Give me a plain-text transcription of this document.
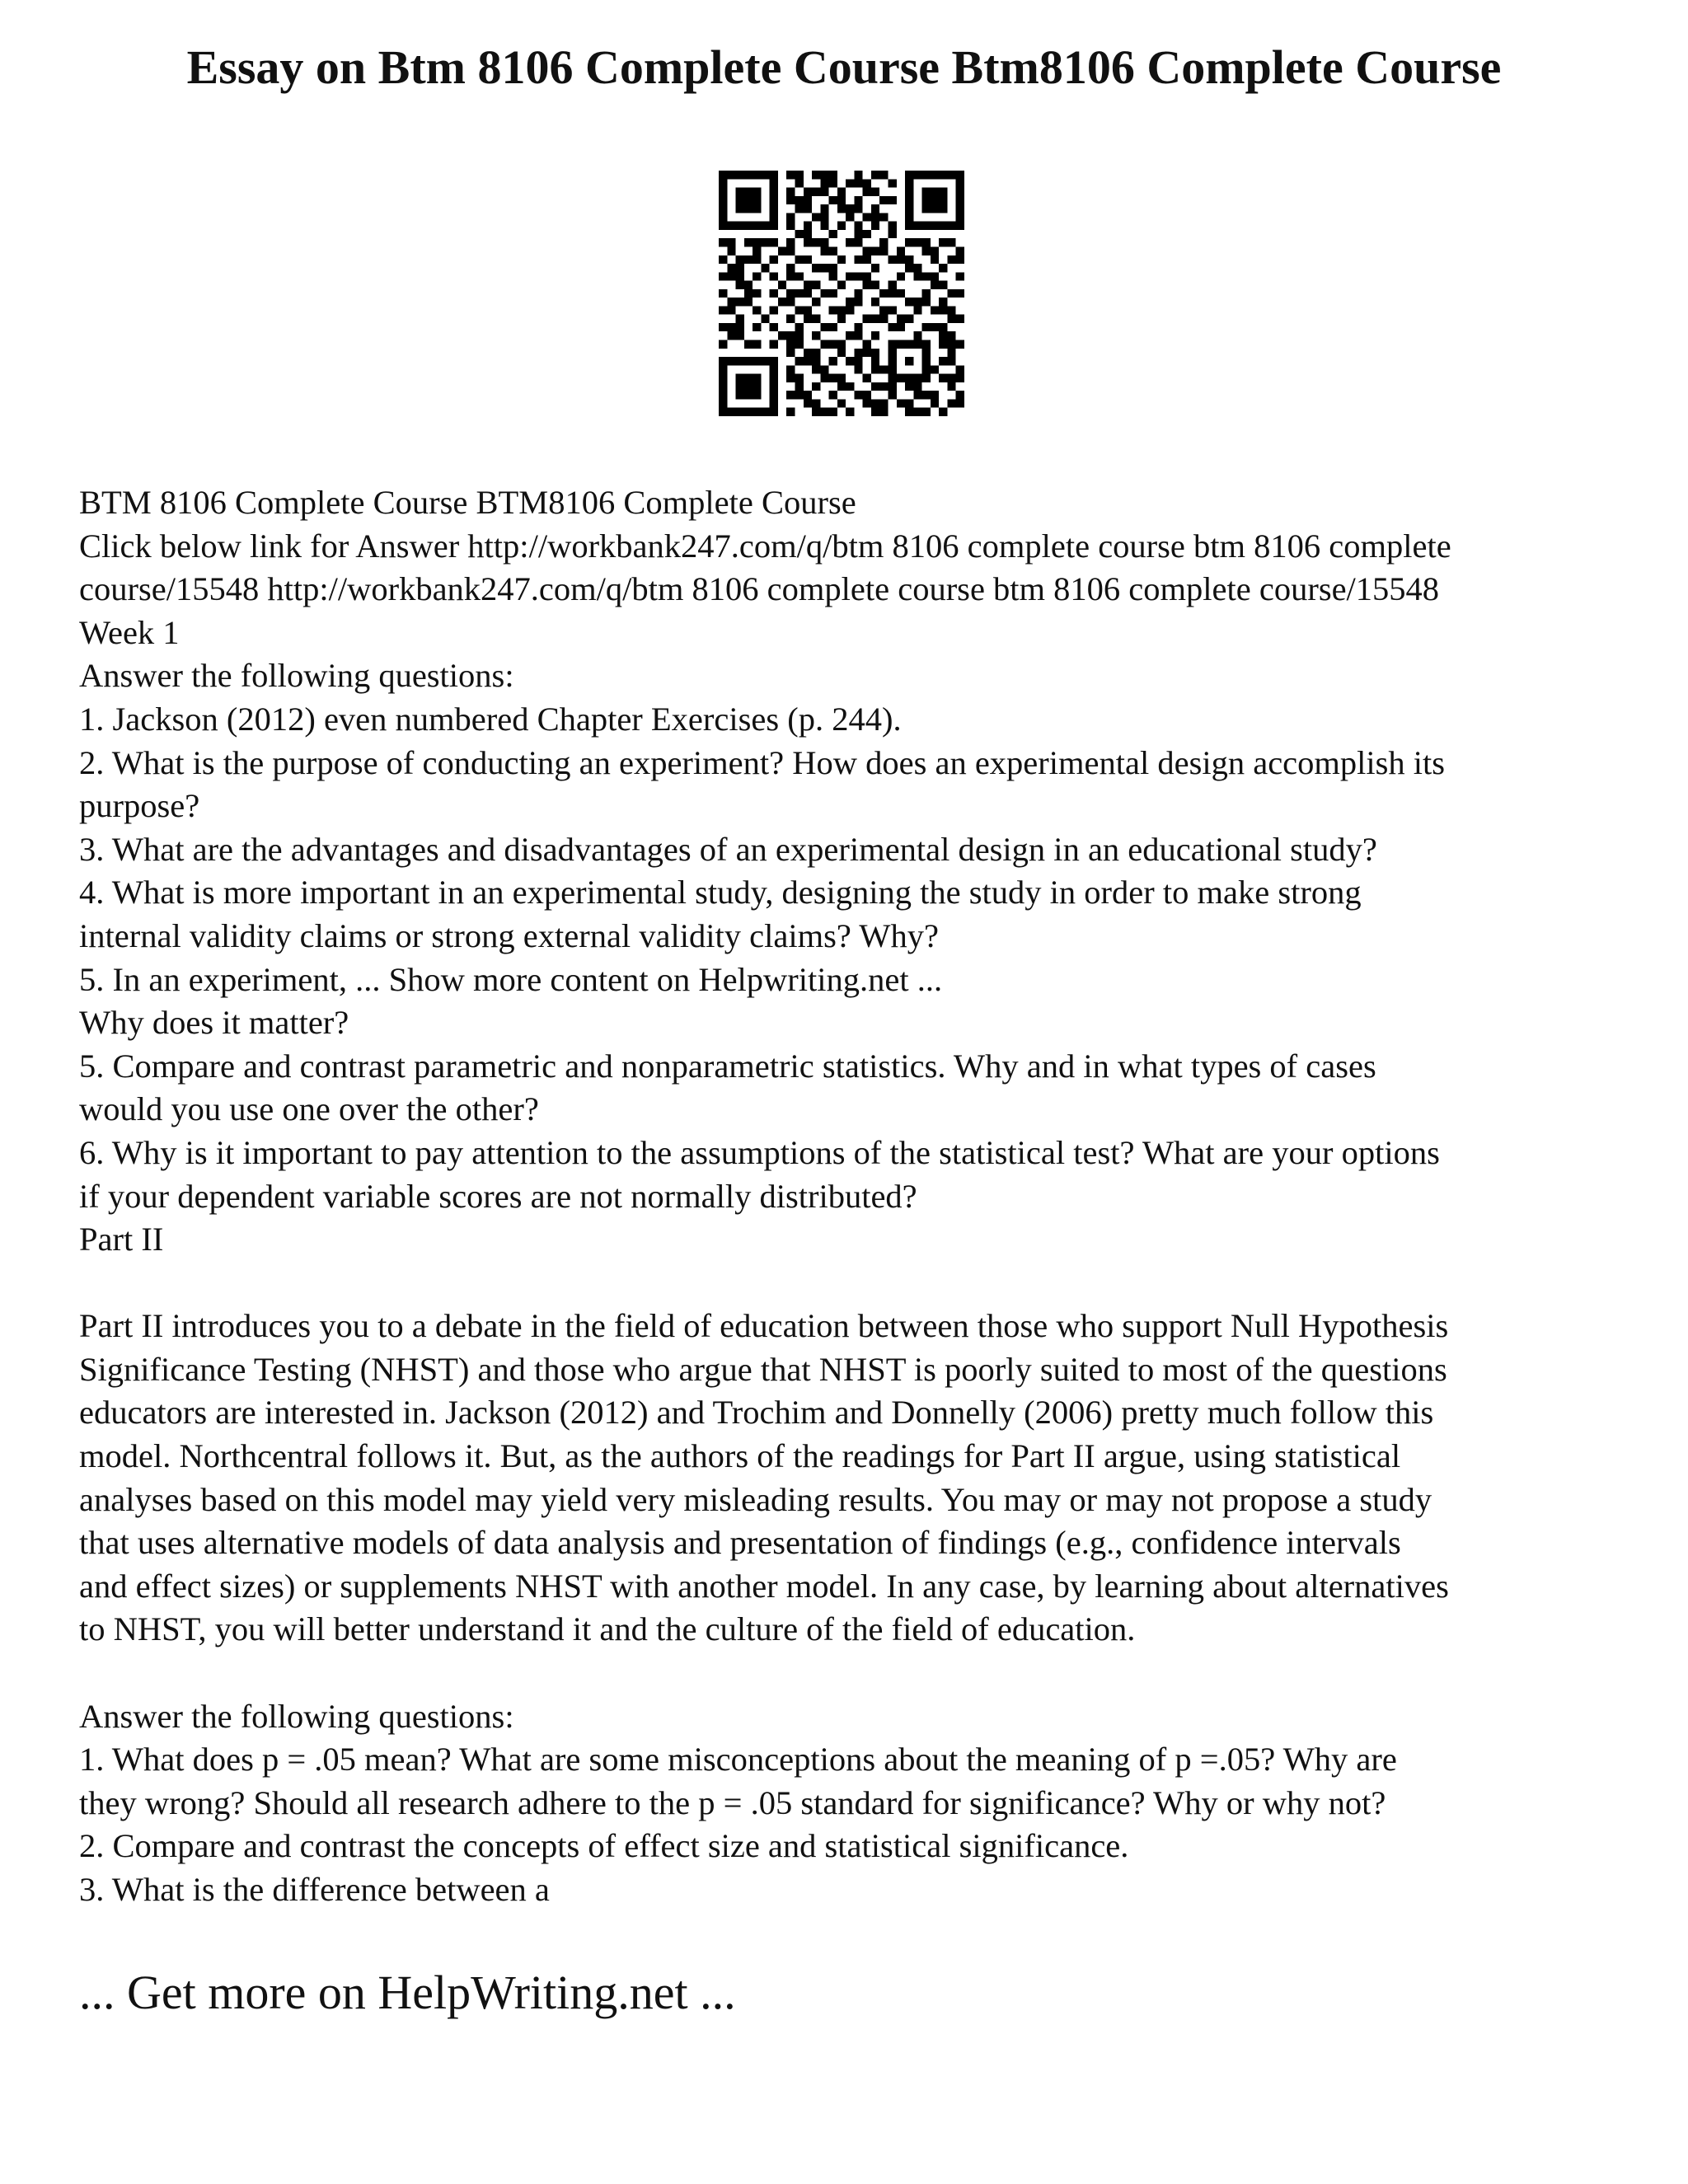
Essay on Btm 8106 Complete Course Btm8106 Complete Course
BTM 8106 Complete Course BTM8106 Complete Course
Click below link for Answer http://workbank247.com/q/btm 8106 complete course btm 8106 complete
course/15548 http://workbank247.com/q/btm 8106 complete course btm 8106 complete course/15548
Week 1
Answer the following questions:
1. Jackson (2012) even numbered Chapter Exercises (p. 244).
2. What is the purpose of conducting an experiment? How does an experimental design accomplish its
purpose?
3. What are the advantages and disadvantages of an experimental design in an educational study?
4. What is more important in an experimental study, designing the study in order to make strong
internal validity claims or strong external validity claims? Why?
5. In an experiment, ... Show more content on Helpwriting.net ...
Why does it matter?
5. Compare and contrast parametric and nonparametric statistics. Why and in what types of cases
would you use one over the other?
6. Why is it important to pay attention to the assumptions of the statistical test? What are your options
if your dependent variable scores are not normally distributed?
Part II
Part II introduces you to a debate in the field of education between those who support Null Hypothesis
Significance Testing (NHST) and those who argue that NHST is poorly suited to most of the questions
educators are interested in. Jackson (2012) and Trochim and Donnelly (2006) pretty much follow this
model. Northcentral follows it. But, as the authors of the readings for Part II argue, using statistical
analyses based on this model may yield very misleading results. You may or may not propose a study
that uses alternative models of data analysis and presentation of findings (e.g., confidence intervals
and effect sizes) or supplements NHST with another model. In any case, by learning about alternatives
to NHST, you will better understand it and the culture of the field of education.
Answer the following questions:
1. What does p = .05 mean? What are some misconceptions about the meaning of p =.05? Why are
they wrong? Should all research adhere to the p = .05 standard for significance? Why or why not?
2. Compare and contrast the concepts of effect size and statistical significance.
3. What is the difference between a
... Get more on HelpWriting.net ...
